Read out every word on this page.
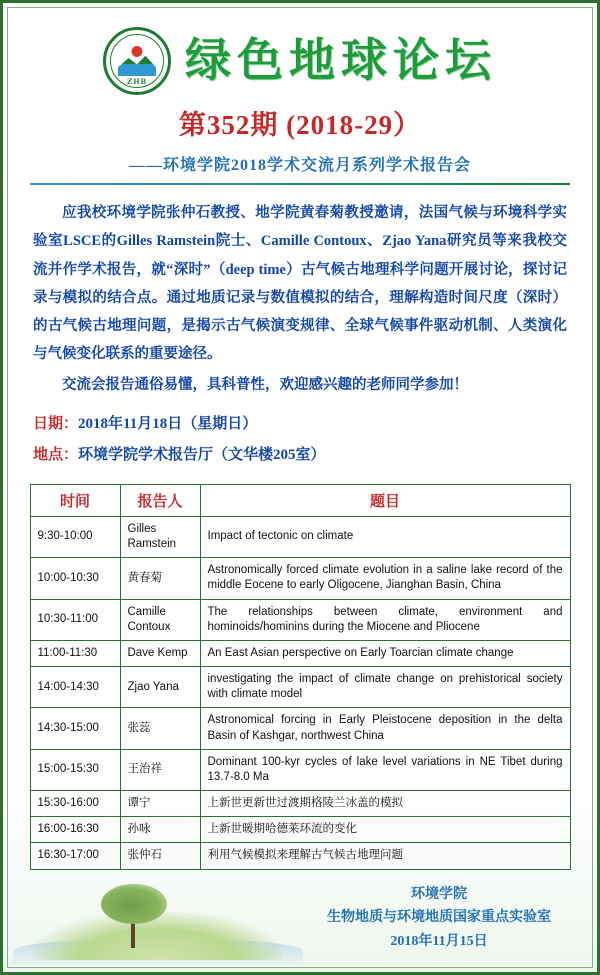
ZHB 绿色地球论坛
第352期 (2018-29）
——环境学院2018学术交流月系列学术报告会

应我校环境学院张仲石教授、地学院黄春菊教授邀请，法国气候与环境科学实验室LSCE的Gilles Ramstein院士、Camille Contoux、Zjao Yana研究员等来我校交流并作学术报告，就“深时”（deep time）古气候古地理科学问题开展讨论，探讨记录与模拟的结合点。通过地质记录与数值模拟的结合，理解构造时间尺度（深时）的古气候古地理问题，是揭示古气候演变规律、全球气候事件驱动机制、人类演化与气候变化联系的重要途径。

交流会报告通俗易懂，具科普性，欢迎感兴趣的老师同学参加！

日期：2018年11月18日（星期日）
地点：环境学院学术报告厅（文华楼205室）
时间	报告人	题目
9:30-10:00	Gilles Ramstein	Impact of tectonic on climate
10:00-10:30	黄春菊	Astronomically forced climate evolution in a saline lake record of the middle Eocene to early Oligocene, Jianghan Basin, China
10:30-11:00	Camille Contoux	The relationships between climate, environment and hominoids/hominins during the Miocene and Pliocene
11:00-11:30	Dave Kemp	An East Asian perspective on Early Toarcian climate change
14:00-14:30	Zjao Yana	investigating the impact of climate change on prehistorical society with climate model
14:30-15:00	张蕊	Astronomical forcing in Early Pleistocene deposition in the delta Basin of Kashgar, northwest China
15:00-15:30	王治祥	Dominant 100-kyr cycles of lake level variations in NE Tibet during 13.7-8.0 Ma
15:30-16:00	谭宁	上新世更新世过渡期格陵兰冰盖的模拟
16:00-16:30	孙咏	上新世暖期哈德莱环流的变化
16:30-17:00	张仲石	利用气候模拟来理解古气候古地理问题
环境学院
生物地质与环境地质国家重点实验室
2018年11月15日
